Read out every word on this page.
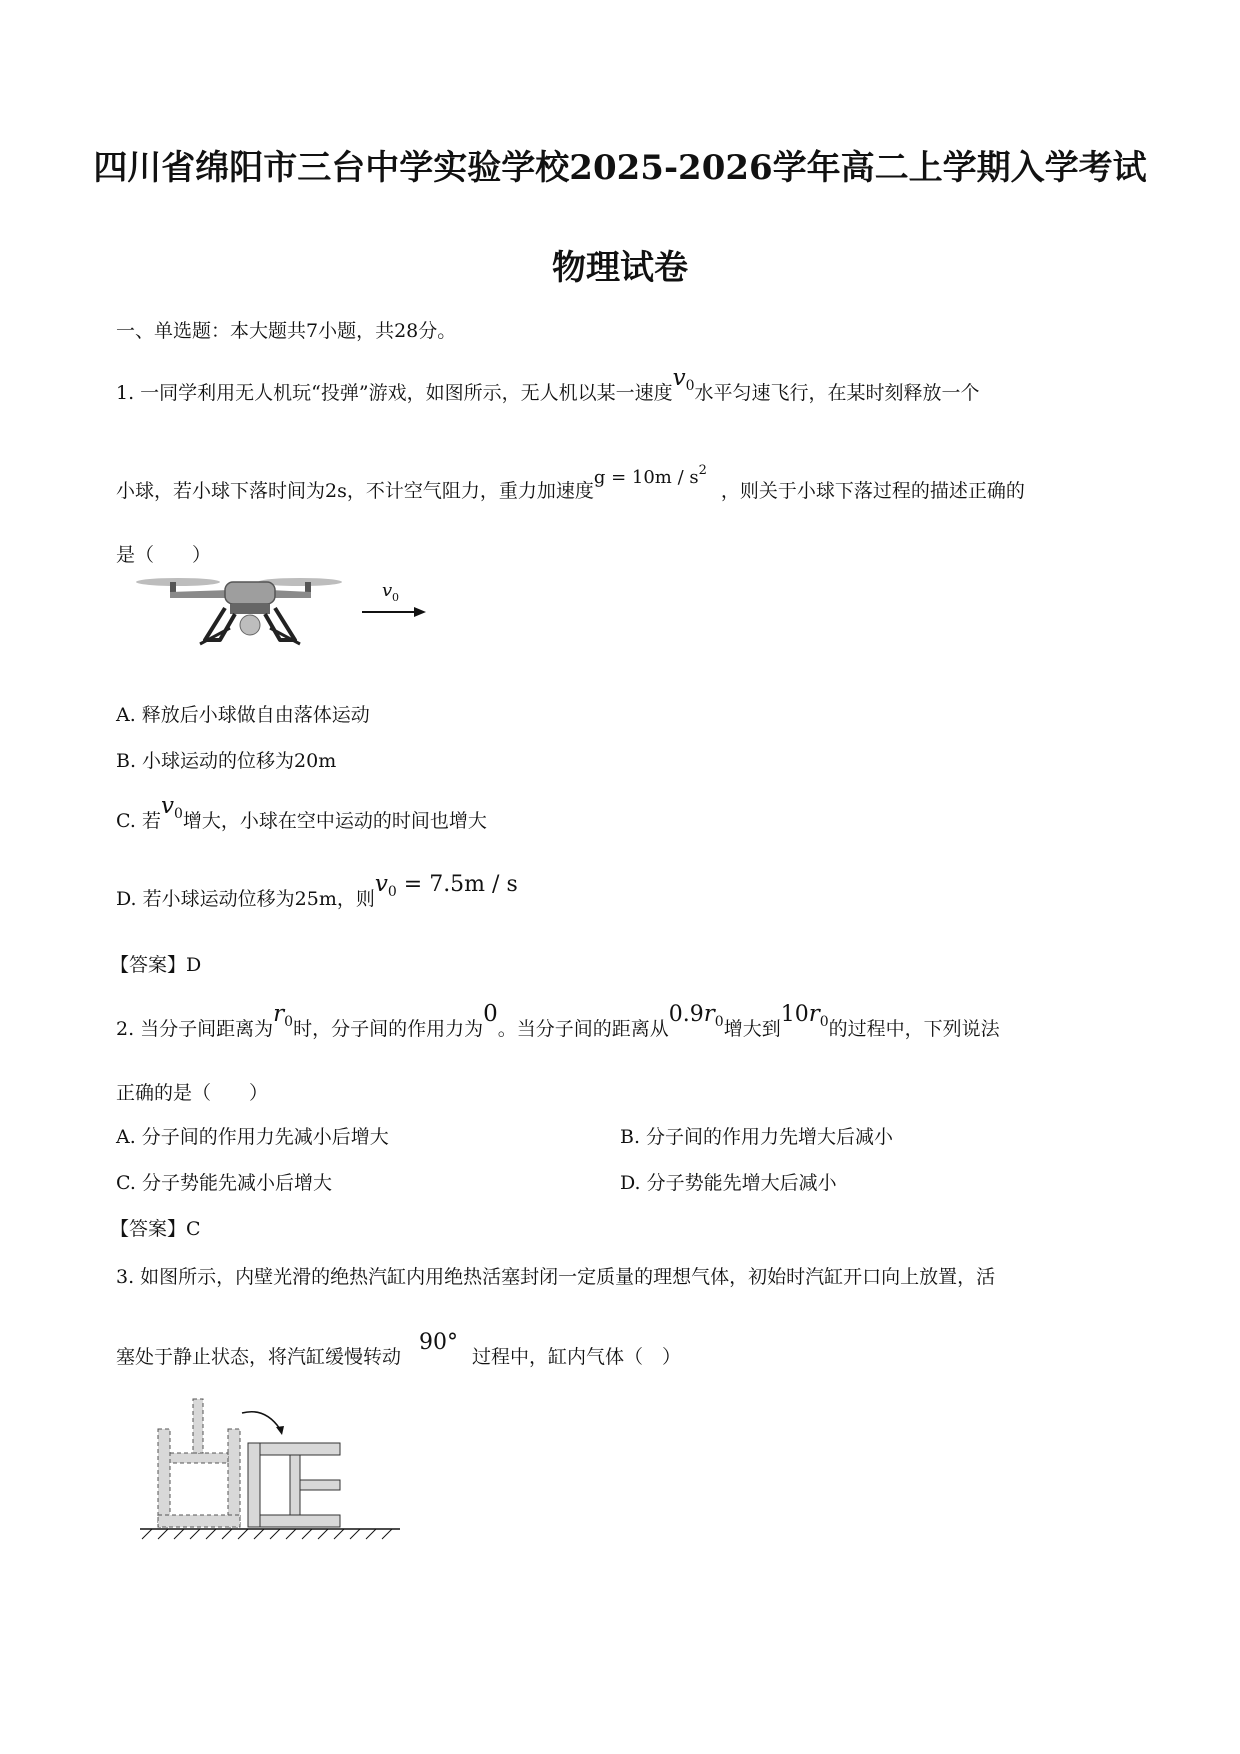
四川省绵阳市三台中学实验学校2025-2026学年高二上学期入学考试
物理试卷
一、单选题：本大题共7小题，共28分。
1. 一同学利用无人机玩“投弹”游戏，如图所示，无人机以某一速度$v_0$水平匀速飞行，在某时刻释放一个
小球，若小球下落时间为2s，不计空气阻力，重力加速度$g = 10m / s^2$，则关于小球下落过程的描述正确的
是（　　）
v 0
A. 释放后小球做自由落体运动
B. 小球运动的位移为20m
C. 若$v_0$增大，小球在空中运动的时间也增大
D. 若小球运动位移为25m，则$v_0 = 7.5m / s$
【答案】D
2. 当分子间距离为$r_0$时，分子间的作用力为0。当分子间的距离从$0.9r_0$增大到$10r_0$的过程中，下列说法
正确的是（　　）
A. 分子间的作用力先减小后增大	B. 分子间的作用力先增大后减小
C. 分子势能先减小后增大	D. 分子势能先增大后减小
【答案】C
3. 如图所示，内壁光滑的绝热汽缸内用绝热活塞封闭一定质量的理想气体，初始时汽缸开口向上放置，活
塞处于静止状态，将汽缸缓慢转动90°过程中，缸内气体（　）
